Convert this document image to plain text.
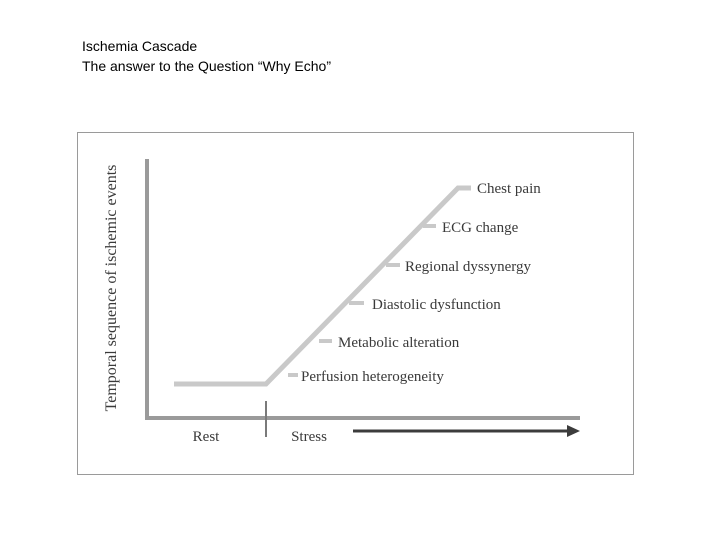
Ischemia Cascade
The answer to the Question “Why Echo”
Temporal sequence of ischemic events
Rest	Stress
Perfusion heterogeneity
Metabolic alteration
Diastolic dysfunction
Regional dyssynergy
ECG change
Chest pain
